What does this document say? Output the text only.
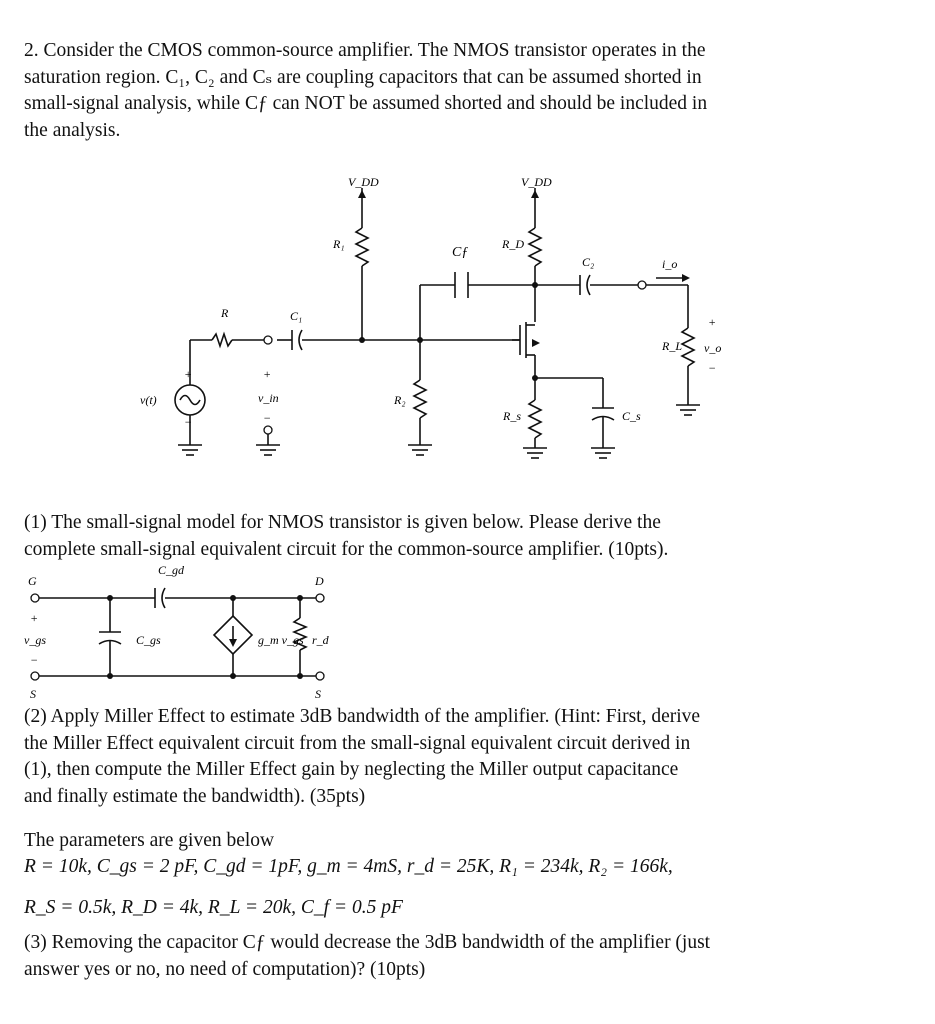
2. Consider the CMOS common-source amplifier. The NMOS transistor operates in the
saturation region. C₁, C₂ and Cₛ are coupling capacitors that can be assumed shorted in
small-signal analysis, while Cƒ can NOT be assumed shorted and should be included in
the analysis.
V_DD	V_DD
R₁
Cƒ
R_D
C₂	i_o
R	C₁
v(t)	v_in	R₂
R_s	C_s
R_L v_o
+
−
+
−
+
−
(1) The small-signal model for NMOS transistor is given below. Please derive the
complete small-signal equivalent circuit for the common-source amplifier. (10pts).
G	D
S	S
C_gd
C_gs
v_gs	g_m v_gs r_d
+
−
(2) Apply Miller Effect to estimate 3dB bandwidth of the amplifier. (Hint: First, derive
the Miller Effect equivalent circuit from the small-signal equivalent circuit derived in
(1), then compute the Miller Effect gain by neglecting the Miller output capacitance
and finally estimate the bandwidth). (35pts)
The parameters are given below
R = 10k, C_gs = 2 pF, C_gd = 1pF, g_m = 4mS, r_d = 25K, R₁ = 234k, R₂ = 166k,
R_S = 0.5k, R_D = 4k, R_L = 20k, C_f = 0.5 pF
(3) Removing the capacitor Cƒ would decrease the 3dB bandwidth of the amplifier (just
answer yes or no, no need of computation)? (10pts)
